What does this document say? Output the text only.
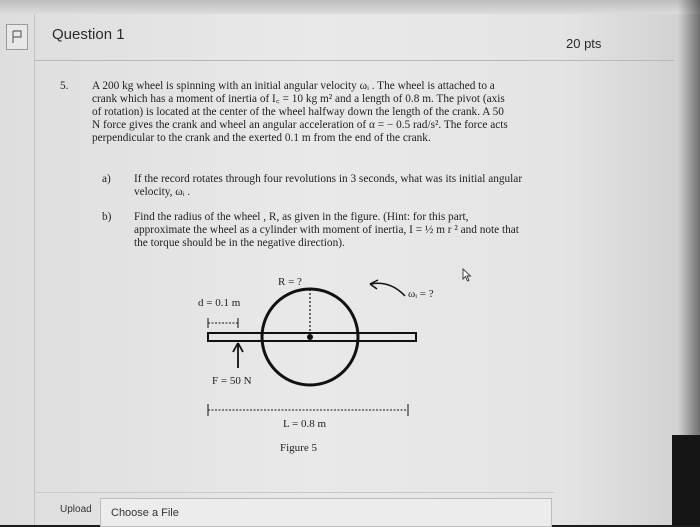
Question 1
20 pts
5. A 200 kg wheel is spinning with an initial angular velocity ωᵢ . The wheel is attached to a
crank which has a moment of inertia of I꜀ = 10 kg m² and a length of 0.8 m. The pivot (axis
of rotation) is located at the center of the wheel halfway down the length of the crank. A 50
N force gives the crank and wheel an angular acceleration of α = − 0.5 rad/s². The force acts
perpendicular to the crank and the exerted 0.1 m from the end of the crank.
a) If the record rotates through four revolutions in 3 seconds, what was its initial angular
velocity, ωᵢ .
b) Find the radius of the wheel , R, as given in the figure. (Hint: for this part,
approximate the wheel as a cylinder with moment of inertia, I = ½ m r ² and note that
the torque should be in the negative direction).
R = ?
ωᵢ = ?
d = 0.1 m
F = 50 N
L = 0.8 m
Figure 5
Upload Choose a File
